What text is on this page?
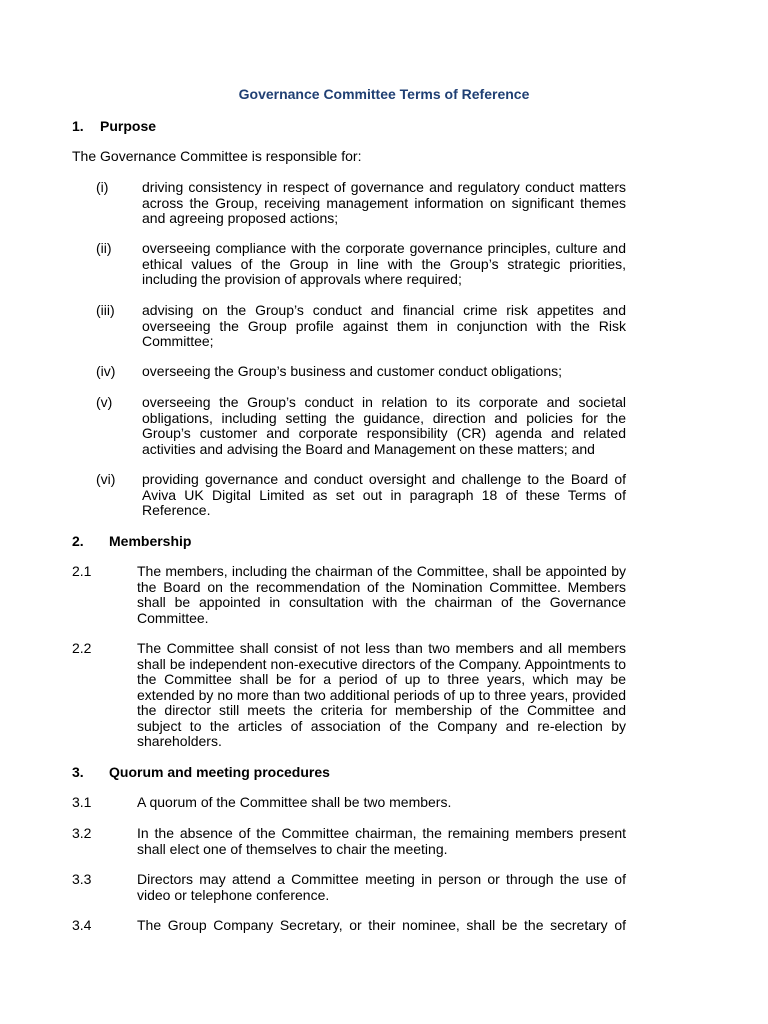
Governance Committee Terms of Reference
1. Purpose
The Governance Committee is responsible for:
(i) driving consistency in respect of governance and regulatory conduct matters across the Group, receiving management information on significant themes and agreeing proposed actions;
(ii) overseeing compliance with the corporate governance principles, culture and ethical values of the Group in line with the Group’s strategic priorities, including the provision of approvals where required;
(iii) advising on the Group’s conduct and financial crime risk appetites and overseeing the Group profile against them in conjunction with the Risk Committee;
(iv) overseeing the Group’s business and customer conduct obligations;
(v) overseeing the Group’s conduct in relation to its corporate and societal obligations, including setting the guidance, direction and policies for the Group’s customer and corporate responsibility (CR) agenda and related activities and advising the Board and Management on these matters; and
(vi) providing governance and conduct oversight and challenge to the Board of Aviva UK Digital Limited as set out in paragraph 18 of these Terms of Reference.
2. Membership
2.1	The members, including the chairman of the Committee, shall be appointed by the Board on the recommendation of the Nomination Committee. Members shall be appointed in consultation with the chairman of the Governance Committee.
2.2	The Committee shall consist of not less than two members and all members shall be independent non-executive directors of the Company. Appointments to the Committee shall be for a period of up to three years, which may be extended by no more than two additional periods of up to three years, provided the director still meets the criteria for membership of the Committee and subject to the articles of association of the Company and re-election by shareholders.
3. Quorum and meeting procedures
3.1	A quorum of the Committee shall be two members.
3.2	In the absence of the Committee chairman, the remaining members present shall elect one of themselves to chair the meeting.
3.3	Directors may attend a Committee meeting in person or through the use of video or telephone conference.
3.4	The Group Company Secretary, or their nominee, shall be the secretary of
